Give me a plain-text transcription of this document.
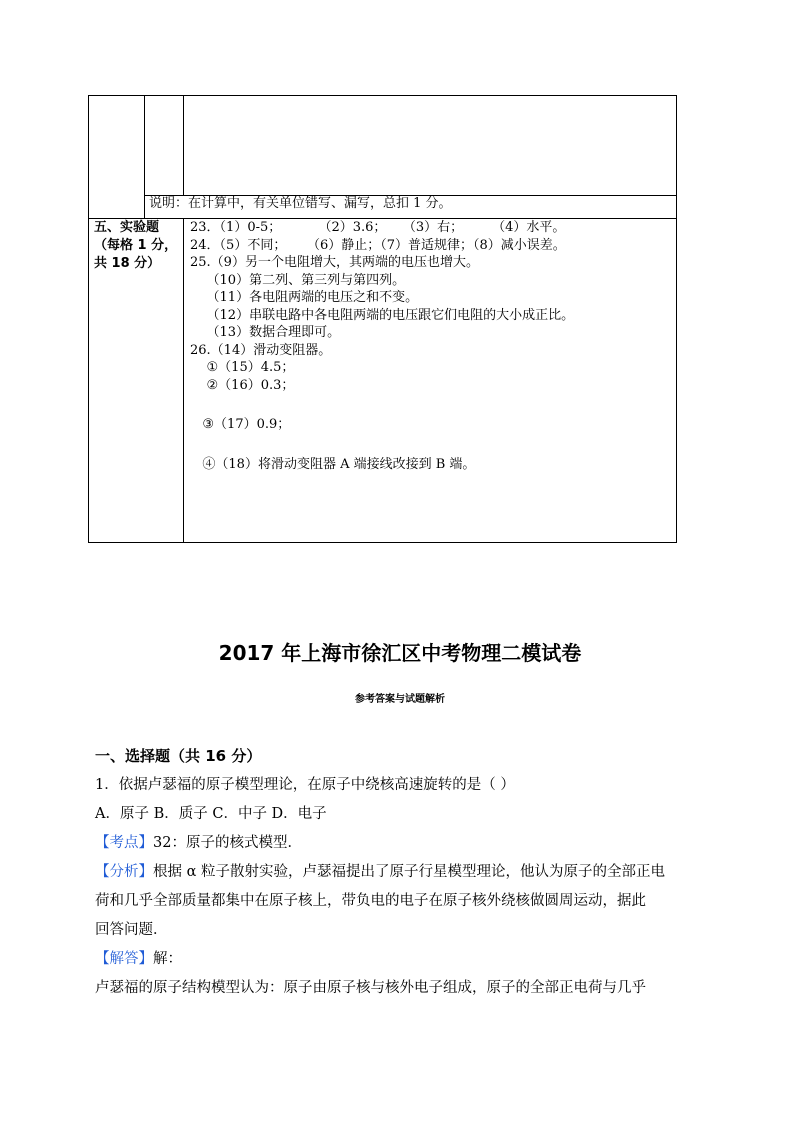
说明：在计算中，有关单位错写、漏写，总扣 1 分。
五、实验题（每格 1 分，共 18 分）
23．（1）0-5；         （2）3.6；    （3）右；       （4）水平。
24．（5）不同；     （6）静止；（7）普适规律；（8）减小误差。
25.（9）另一个电阻增大，其两端的电压也增大。
（10）第二列、第三列与第四列。
（11）各电阻两端的电压之和不变。
（12）串联电路中各电阻两端的电压跟它们电阻的大小成正比。
（13）数据合理即可。
26.（14）滑动变阻器。
①（15）4.5；
②（16）0.3；
③（17）0.9；
④（18）将滑动变阻器 A 端接线改接到 B 端。
2017 年上海市徐汇区中考物理二模试卷
参考答案与试题解析
一、选择题（共 16 分）
1．依据卢瑟福的原子模型理论，在原子中绕核高速旋转的是（ ）
A．原子 B．质子 C．中子 D．电子
【考点】32：原子的核式模型．
【分析】根据 α 粒子散射实验，卢瑟福提出了原子行星模型理论，他认为原子的全部正电
荷和几乎全部质量都集中在原子核上，带负电的电子在原子核外绕核做圆周运动，据此
回答问题．
【解答】解：
卢瑟福的原子结构模型认为：原子由原子核与核外电子组成，原子的全部正电荷与几乎
